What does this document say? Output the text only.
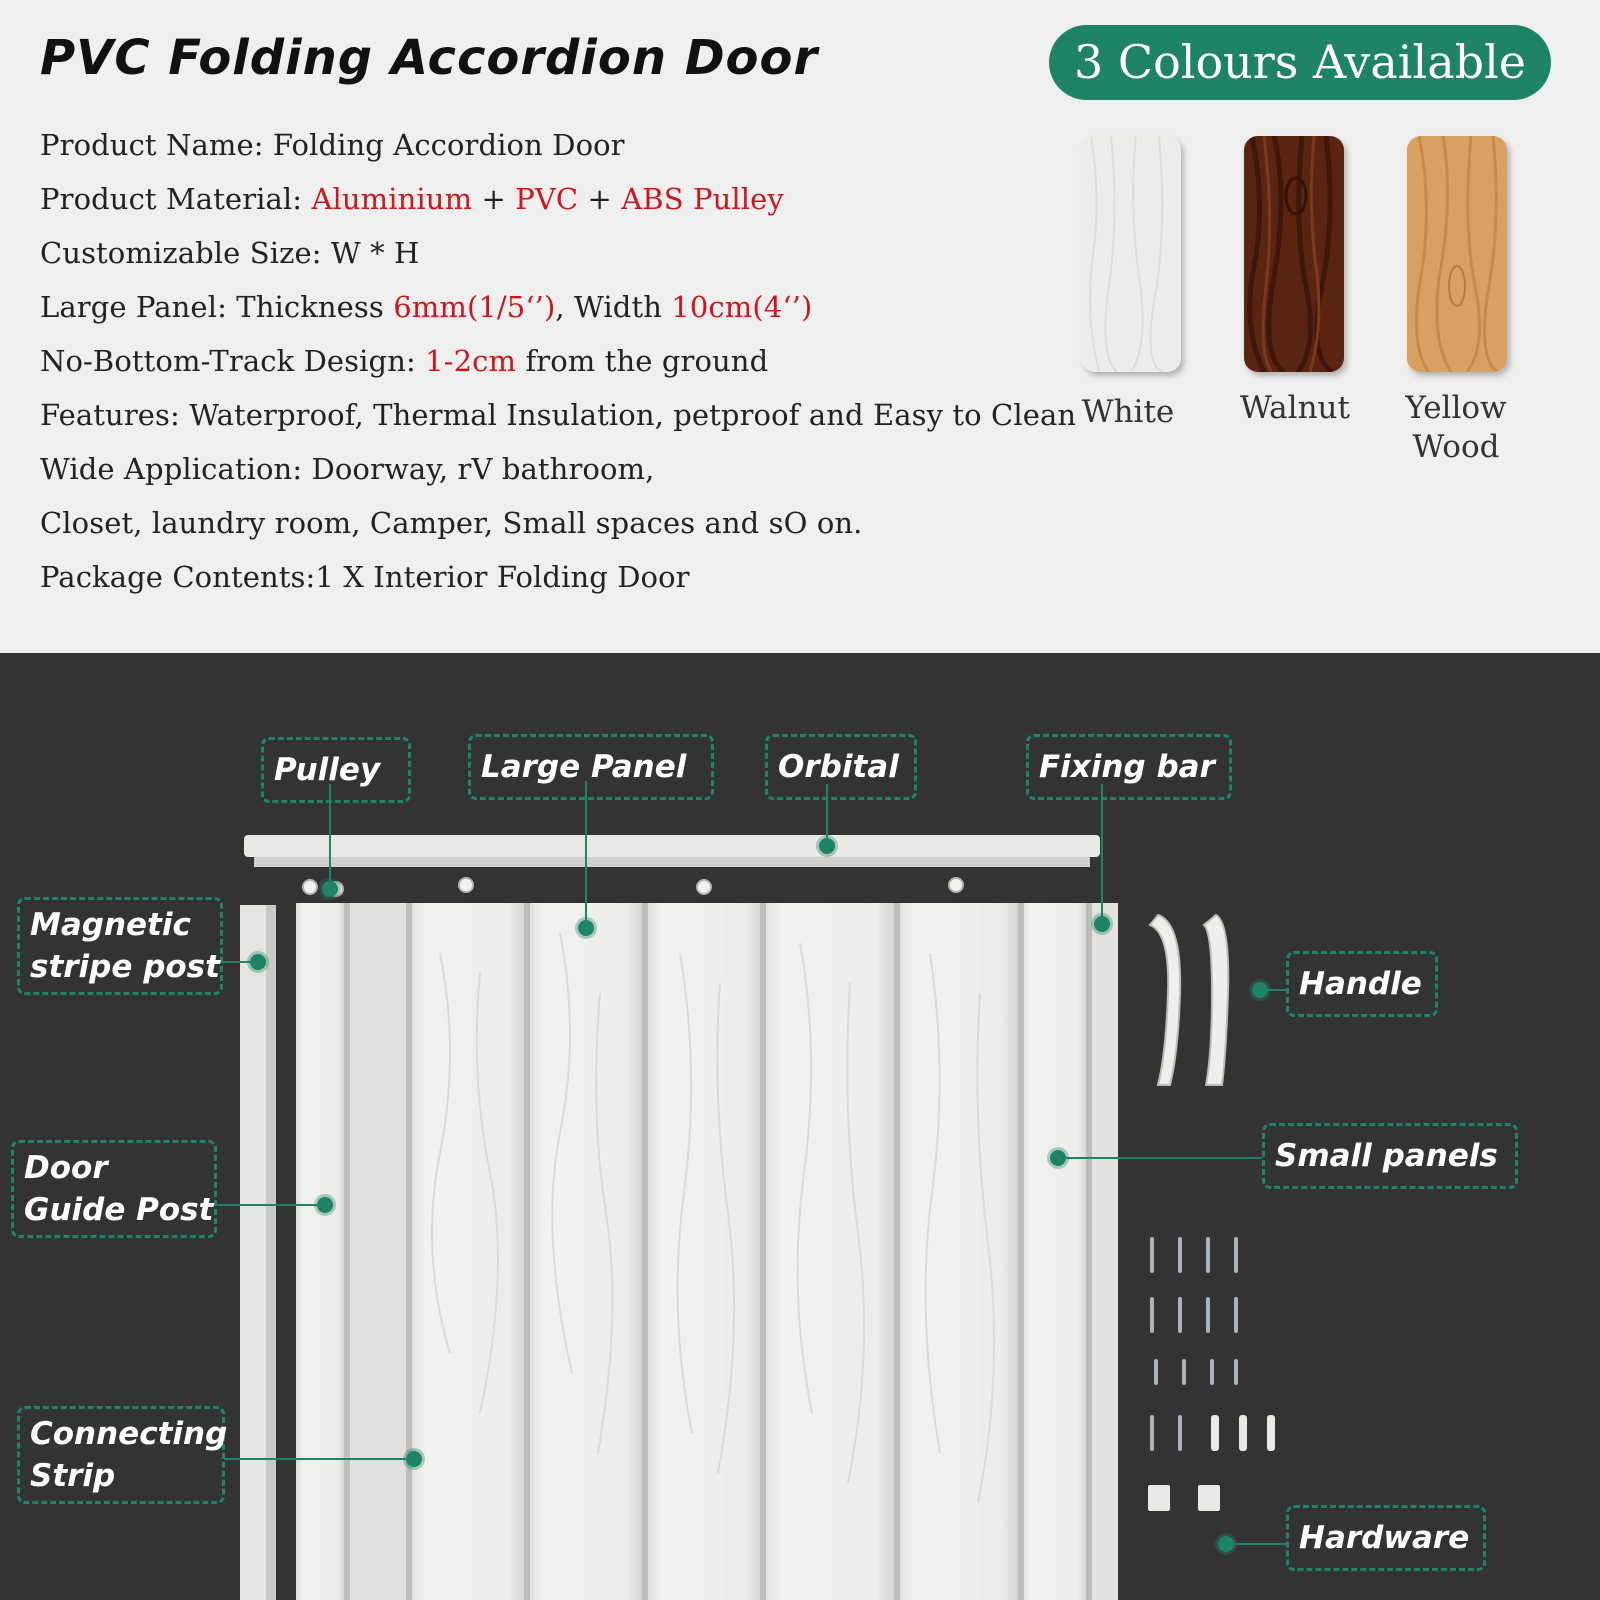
PVC Folding Accordion Door
Product Name: Folding Accordion Door
Product Material: Aluminium + PVC + ABS Pulley
Customizable Size: W * H
Large Panel: Thickness 6mm(1/5‘’), Width 10cm(4‘’)
No-Bottom-Track Design: 1-2cm from the ground
Features: Waterproof, Thermal Insulation, petproof and Easy to Clean
Wide Application: Doorway, rV bathroom,
Closet, laundry room, Camper, Small spaces and sO on.
Package Contents:1 X Interior Folding Door
3 Colours Available
White	Walnut	Yellow
Wood
Pulley	Large Panel	Orbital	Fixing bar
Magnetic
stripe post	Handle
Small panels
Door
Guide Post
Connecting
Strip
Hardware
